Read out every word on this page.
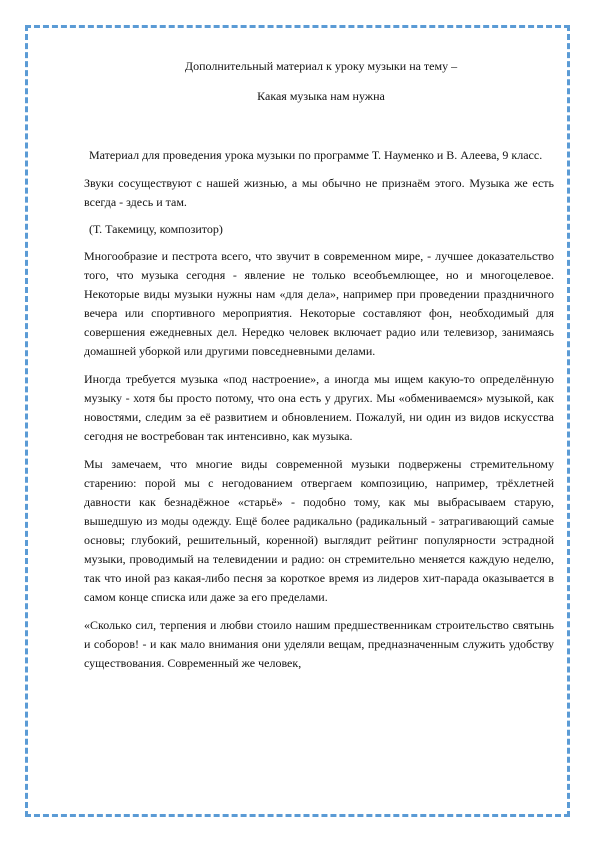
Дополнительный материал к уроку музыки на тему –

Какая музыка нам нужна

Материал для проведения урока музыки по программе Т. Науменко и В. Алеева, 9 класс.

Звуки сосуществуют с нашей жизнью, а мы обычно не признаём этого. Музыка же есть всегда - здесь и там.

(Т. Такемицу, композитор)

Многообразие и пестрота всего, что звучит в современном мире, - лучшее доказательство того, что музыка сегодня - явление не только всеобъемлющее, но и многоцелевое. Некоторые виды музыки нужны нам «для дела», например при проведении праздничного вечера или спортивного мероприятия. Некоторые составляют фон, необходимый для совершения ежедневных дел. Нередко человек включает радио или телевизор, занимаясь домашней уборкой или другими повседневными делами.

Иногда требуется музыка «под настроение», а иногда мы ищем какую-то определённую музыку - хотя бы просто потому, что она есть у других. Мы «обмениваемся» музыкой, как новостями, следим за её развитием и обновлением. Пожалуй, ни один из видов искусства сегодня не востребован так интенсивно, как музыка.

Мы замечаем, что многие виды современной музыки подвержены стремительному старению: порой мы с негодованием отвергаем композицию, например, трёхлетней давности как безнадёжное «старьё» - подобно тому, как мы выбрасываем старую, вышедшую из моды одежду. Ещё более радикально (радикальный - затрагивающий самые основы; глубокий, решительный, коренной) выглядит рейтинг популярности эстрадной музыки, проводимый на телевидении и радио: он стремительно меняется каждую неделю, так что иной раз какая-либо песня за короткое время из лидеров хит-парада оказывается в самом конце списка или даже за его пределами.

«Сколько сил, терпения и любви стоило нашим предшественникам строительство святынь и соборов! - и как мало внимания они уделяли вещам, предназначенным служить удобству существования. Современный же человек,
